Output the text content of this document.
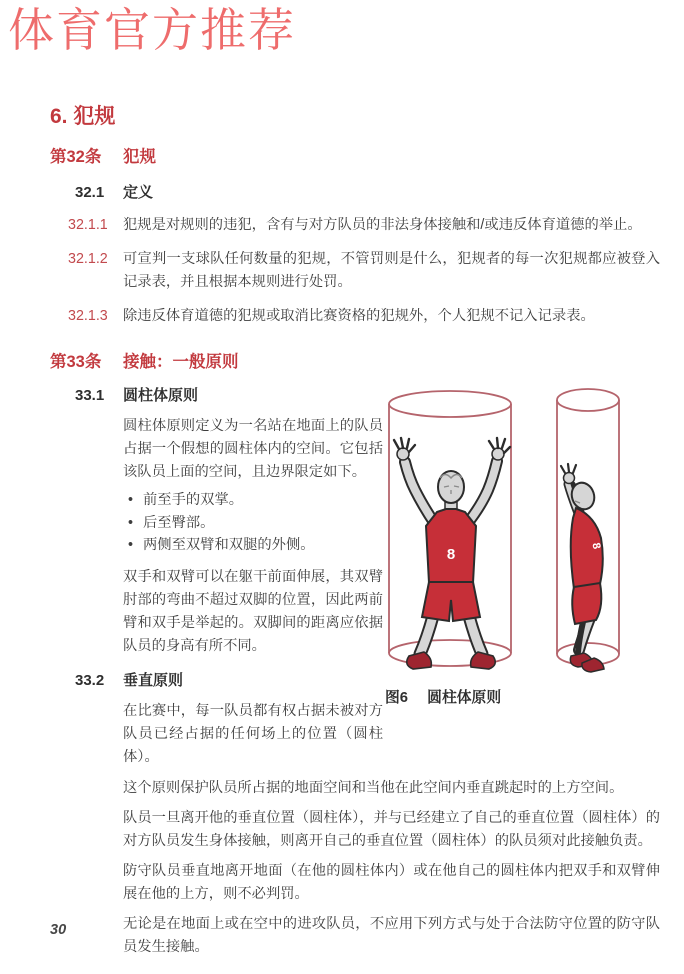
体育官方推荐
6. 犯规
第32条	犯规
32.1	定义
32.1.1	犯规是对规则的违犯，含有与对方队员的非法身体接触和/或违反体育道德的举止。
32.1.2	可宣判一支球队任何数量的犯规，不管罚则是什么，犯规者的每一次犯规都应被登入记录表，并且根据本规则进行处罚。
32.1.3	除违反体育道德的犯规或取消比赛资格的犯规外，个人犯规不记入记录表。
第33条	接触：一般原则
33.1	圆柱体原则
圆柱体原则定义为一名站在地面上的队员占据一个假想的圆柱体内的空间。它包括该队员上面的空间，且边界限定如下。
• 前至手的双掌。
• 后至臀部。
• 两侧至双臂和双腿的外侧。
双手和双臂可以在躯干前面伸展，其双臂肘部的弯曲不超过双脚的位置，因此两前臂和双手是举起的。双脚间的距离应依据队员的身高有所不同。
33.2	垂直原则
在比赛中，每一队员都有权占据未被对方队员已经占据的任何场上的位置（圆柱体）。
8	8
图6 圆柱体原则
这个原则保护队员所占据的地面空间和当他在此空间内垂直跳起时的上方空间。
队员一旦离开他的垂直位置（圆柱体），并与已经建立了自己的垂直位置（圆柱体）的对方队员发生身体接触，则离开自己的垂直位置（圆柱体）的队员须对此接触负责。
防守队员垂直地离开地面（在他的圆柱体内）或在他自己的圆柱体内把双手和双臂伸展在他的上方，则不必判罚。
无论是在地面上或在空中的进攻队员，不应用下列方式与处于合法防守位置的防守队员发生接触。
30
